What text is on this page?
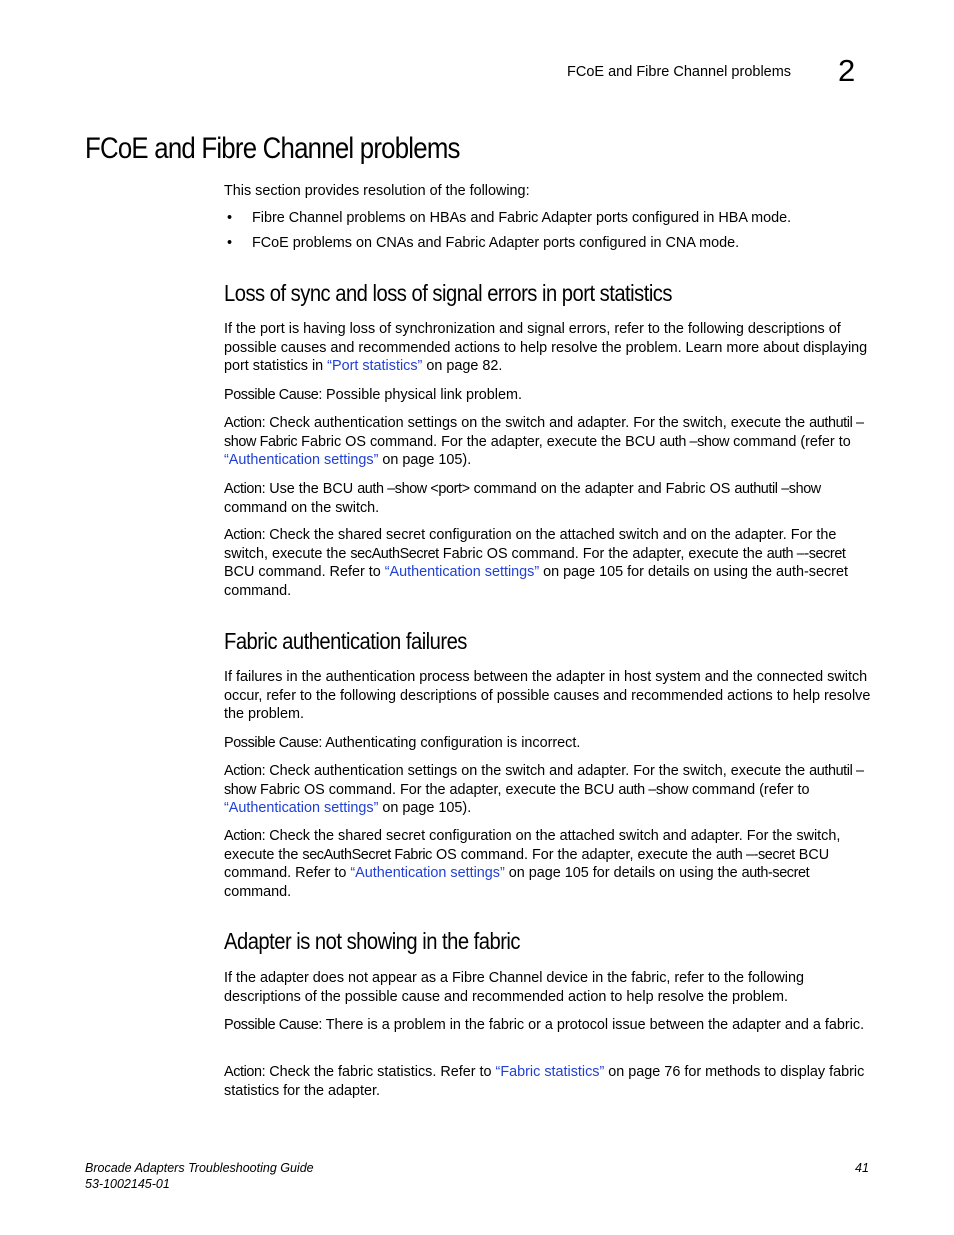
FCoE and Fibre Channel problems 2
FCoE and Fibre Channel problems

This section provides resolution of the following:

• Fibre Channel problems on HBAs and Fabric Adapter ports configured in HBA mode.
• FCoE problems on CNAs and Fabric Adapter ports configured in CNA mode.
Loss of sync and loss of signal errors in port statistics

If the port is having loss of synchronization and signal errors, refer to the following descriptions of possible causes and recommended actions to help resolve the problem. Learn more about displaying port statistics in “Port statistics” on page 82.

Possible Cause: Possible physical link problem.

Action: Check authentication settings on the switch and adapter. For the switch, execute the authutil –show Fabric Fabric OS command. For the adapter, execute the BCU auth –show command (refer to “Authentication settings” on page 105).

Action: Use the BCU auth –show <port> command on the adapter and Fabric OS authutil –show command on the switch.

Action: Check the shared secret configuration on the attached switch and on the adapter. For the switch, execute the secAuthSecret Fabric OS command. For the adapter, execute the auth –-secret BCU command. Refer to “Authentication settings” on page 105 for details on using the auth-secret command.

Fabric authentication failures

If failures in the authentication process between the adapter in host system and the connected switch occur, refer to the following descriptions of possible causes and recommended actions to help resolve the problem.

Possible Cause: Authenticating configuration is incorrect.

Action: Check authentication settings on the switch and adapter. For the switch, execute the authutil –show Fabric OS command. For the adapter, execute the BCU auth –show command (refer to “Authentication settings” on page 105).

Action: Check the shared secret configuration on the attached switch and adapter. For the switch, execute the secAuthSecret Fabric OS command. For the adapter, execute the auth –-secret BCU command. Refer to “Authentication settings” on page 105 for details on using the auth-secret command.

Adapter is not showing in the fabric

If the adapter does not appear as a Fibre Channel device in the fabric, refer to the following descriptions of the possible cause and recommended action to help resolve the problem.

Possible Cause: There is a problem in the fabric or a protocol issue between the adapter and a fabric.

Action: Check the fabric statistics. Refer to “Fabric statistics” on page 76 for methods to display fabric statistics for the adapter.

Brocade Adapters Troubleshooting Guide
53-1002145-01
41
